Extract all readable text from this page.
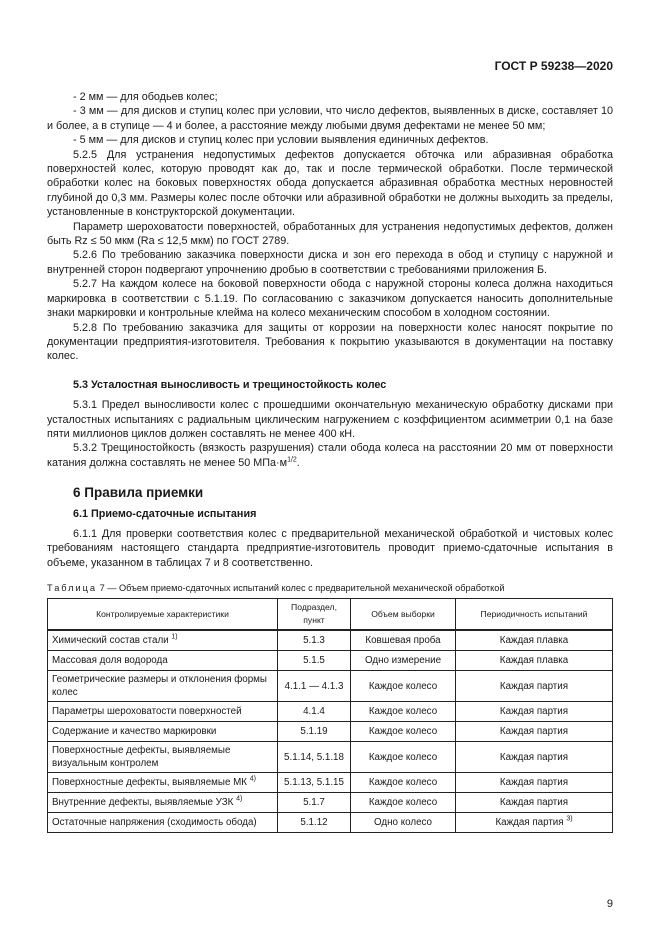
ГОСТ Р 59238—2020

- 2 мм — для ободьев колес;

- 3 мм — для дисков и ступиц колес при условии, что число дефектов, выявленных в диске, составляет 10 и более, а в ступице — 4 и более, а расстояние между любыми двумя дефектами не менее 50 мм;

- 5 мм — для дисков и ступиц колес при условии выявления единичных дефектов.

5.2.5 Для устранения недопустимых дефектов допускается обточка или абразивная обработка поверхностей колес, которую проводят как до, так и после термической обработки. После термической обработки колес на боковых поверхностях обода допускается абразивная обработка местных неровностей глубиной до 0,3 мм. Размеры колес после обточки или абразивной обработки не должны выходить за пределы, установленные в конструкторской документации.

Параметр шероховатости поверхностей, обработанных для устранения недопустимых дефектов, должен быть Rz ≤ 50 мкм (Ra ≤ 12,5 мкм) по ГОСТ 2789.

5.2.6 По требованию заказчика поверхности диска и зон его перехода в обод и ступицу с наружной и внутренней сторон подвергают упрочнению дробью в соответствии с требованиями приложения Б.

5.2.7 На каждом колесе на боковой поверхности обода с наружной стороны колеса должна находиться маркировка в соответствии с 5.1.19. По согласованию с заказчиком допускается наносить дополнительные знаки маркировки и контрольные клейма на колесо механическим способом в холодном состоянии.

5.2.8 По требованию заказчика для защиты от коррозии на поверхности колес наносят покрытие по документации предприятия-изготовителя. Требования к покрытию указываются в документации на поставку колес.

5.3 Усталостная выносливость и трещиностойкость колес

5.3.1 Предел выносливости колес с прошедшими окончательную механическую обработку дисками при усталостных испытаниях с радиальным циклическим нагружением с коэффициентом асимметрии 0,1 на базе пяти миллионов циклов должен составлять не менее 400 кН.

5.3.2 Трещиностойкость (вязкость разрушения) стали обода колеса на расстоянии 20 мм от поверхности катания должна составлять не менее 50 $МПа\cdot м^{1/2}$.

6 Правила приемки
6.1 Приемо-сдаточные испытания

6.1.1 Для проверки соответствия колес с предварительной механической обработкой и чистовых колес требованиям настоящего стандарта предприятие-изготовитель проводит приемо-сдаточные испытания в объеме, указанном в таблицах 7 и 8 соответственно.

Таблица 7 — Объем приемо-сдаточных испытаний колес с предварительной механической обработкой
Контролируемые характеристики	Подраздел, пункт	Объем выборки	Периодичность испытаний
Химический состав стали $^{1)}$	5.1.3	Ковшевая проба	Каждая плавка
Массовая доля водорода	5.1.5	Одно измерение	Каждая плавка
Геометрические размеры и отклонения формы колес	4.1.1 — 4.1.3	Каждое колесо	Каждая партия
Параметры шероховатости поверхностей	4.1.4	Каждое колесо	Каждая партия
Содержание и качество маркировки	5.1.19	Каждое колесо	Каждая партия
Поверхностные дефекты, выявляемые визуальным контролем	5.1.14, 5.1.18	Каждое колесо	Каждая партия
Поверхностные дефекты, выявляемые МК $^{4)}$	5.1.13, 5.1.15	Каждое колесо	Каждая партия
Внутренние дефекты, выявляемые УЗК $^{4)}$	5.1.7	Каждое колесо	Каждая партия
Остаточные напряжения (сходимость обода)	5.1.12	Одно колесо	Каждая партия $^{3)}$
9
